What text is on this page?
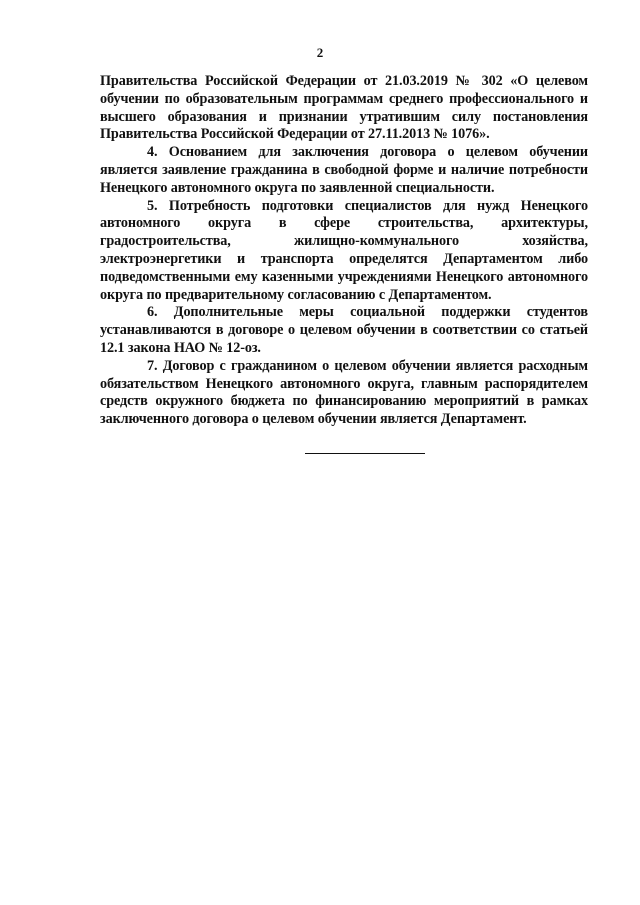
2

Правительства Российской Федерации от 21.03.2019 № 302 «О целевом обучении по образовательным программам среднего профессионального и высшего образования и признании утратившим силу постановления Правительства Российской Федерации от 27.11.2013 № 1076».

4. Основанием для заключения договора о целевом обучении является заявление гражданина в свободной форме и наличие потребности Ненецкого автономного округа по заявленной специальности.

5. Потребность подготовки специалистов для нужд Ненецкого автономного округа в сфере строительства, архитектуры, градостроительства, жилищно-коммунального хозяйства, электроэнергетики и транспорта определятся Департаментом либо подведомственными ему казенными учреждениями Ненецкого автономного округа по предварительному согласованию с Департаментом.

6. Дополнительные меры социальной поддержки студентов устанавливаются в договоре о целевом обучении в соответствии со статьей 12.1 закона НАО № 12-оз.

7. Договор с гражданином о целевом обучении является расходным обязательством Ненецкого автономного округа, главным распорядителем средств окружного бюджета по финансированию мероприятий в рамках заключенного договора о целевом обучении является Департамент.
